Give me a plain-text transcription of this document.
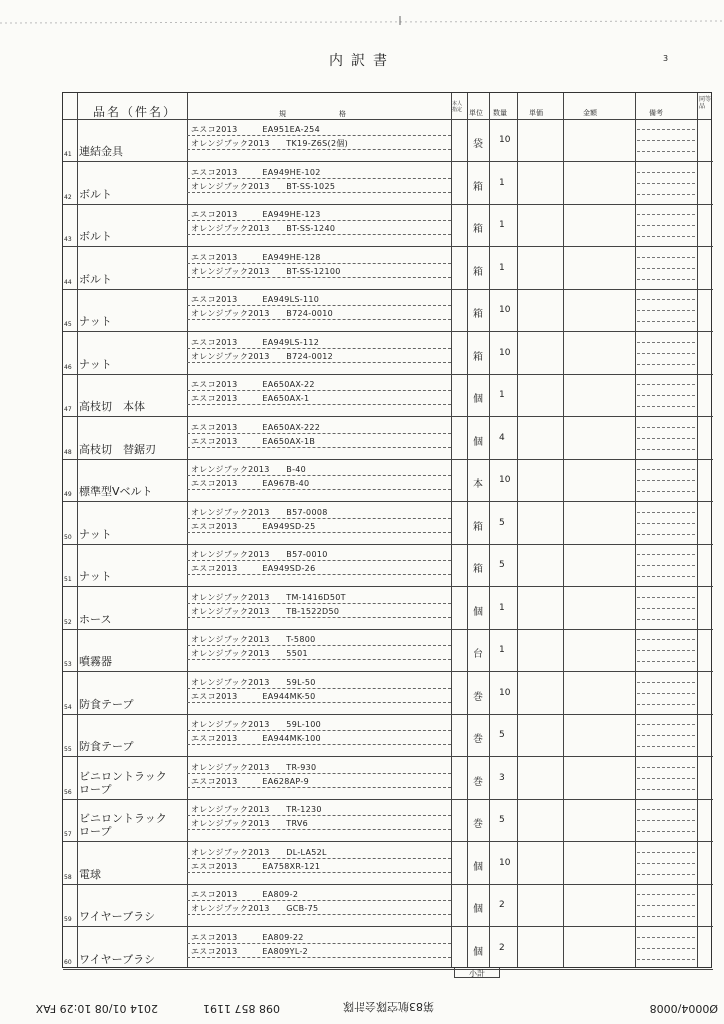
内訳書	3
品名（件名）	規　　　格
本人指定 単位 数量	単価	金額	備考
同等品
41 連結金具
エスコ2013　　　EA951EA-254
オレンジブック2013　　TK19-Z6S(2個)	袋 10
42 ボルト
エスコ2013　　　EA949HE-102
オレンジブック2013　　BT-SS-1025	箱 1
43 ボルト
エスコ2013　　　EA949HE-123
オレンジブック2013　　BT-SS-1240	箱 1
44 ボルト
エスコ2013　　　EA949HE-128
オレンジブック2013　　BT-SS-12100	箱 1
45 ナット
エスコ2013　　　EA949LS-110
オレンジブック2013　　B724-0010	箱 10
46 ナット
エスコ2013　　　EA949LS-112
オレンジブック2013　　B724-0012	箱 10
47 高枝切　本体
エスコ2013　　　EA650AX-22
エスコ2013　　　EA650AX-1	個 1
48 高枝切　替鋸刃
エスコ2013　　　EA650AX-222
エスコ2013　　　EA650AX-1B	個 4
49 標準型Vベルト
オレンジブック2013　　B-40
エスコ2013　　　EA967B-40	本 10
50 ナット
オレンジブック2013　　B57-0008
エスコ2013　　　EA949SD-25	箱 5
51 ナット
オレンジブック2013　　B57-0010
エスコ2013　　　EA949SD-26	箱 5
52 ホース
オレンジブック2013　　TM-1416D50T
オレンジブック2013　　TB-1522D50	個 1
53 噴霧器
オレンジブック2013　　T-5800
オレンジブック2013　　5501	台 1
54 防食テープ
オレンジブック2013　　59L-50
エスコ2013　　　EA944MK-50	巻 10
55 防食テープ
オレンジブック2013　　59L-100
エスコ2013　　　EA944MK-100	巻 5
56
ビニロントラック
ロープ
オレンジブック2013　　TR-930
エスコ2013　　　EA628AP-9	巻 3
57
ビニロントラック
ロープ
オレンジブック2013　　TR-1230
オレンジブック2013　　TRV6	巻 5
58 電球
オレンジブック2013　　DL-LA52L
エスコ2013　　　EA758XR-121	個 10
59 ワイヤーブラシ
エスコ2013　　　EA809-2
オレンジブック2013　　GCB-75	個 2
60 ワイヤーブラシ
エスコ2013　　　EA809-22
エスコ2013　　　EA809YL-2	個 2
小計
Ø0004/0008
第83航空隊会計隊
098 857 1191
2014 01/08 10:29 FAX
